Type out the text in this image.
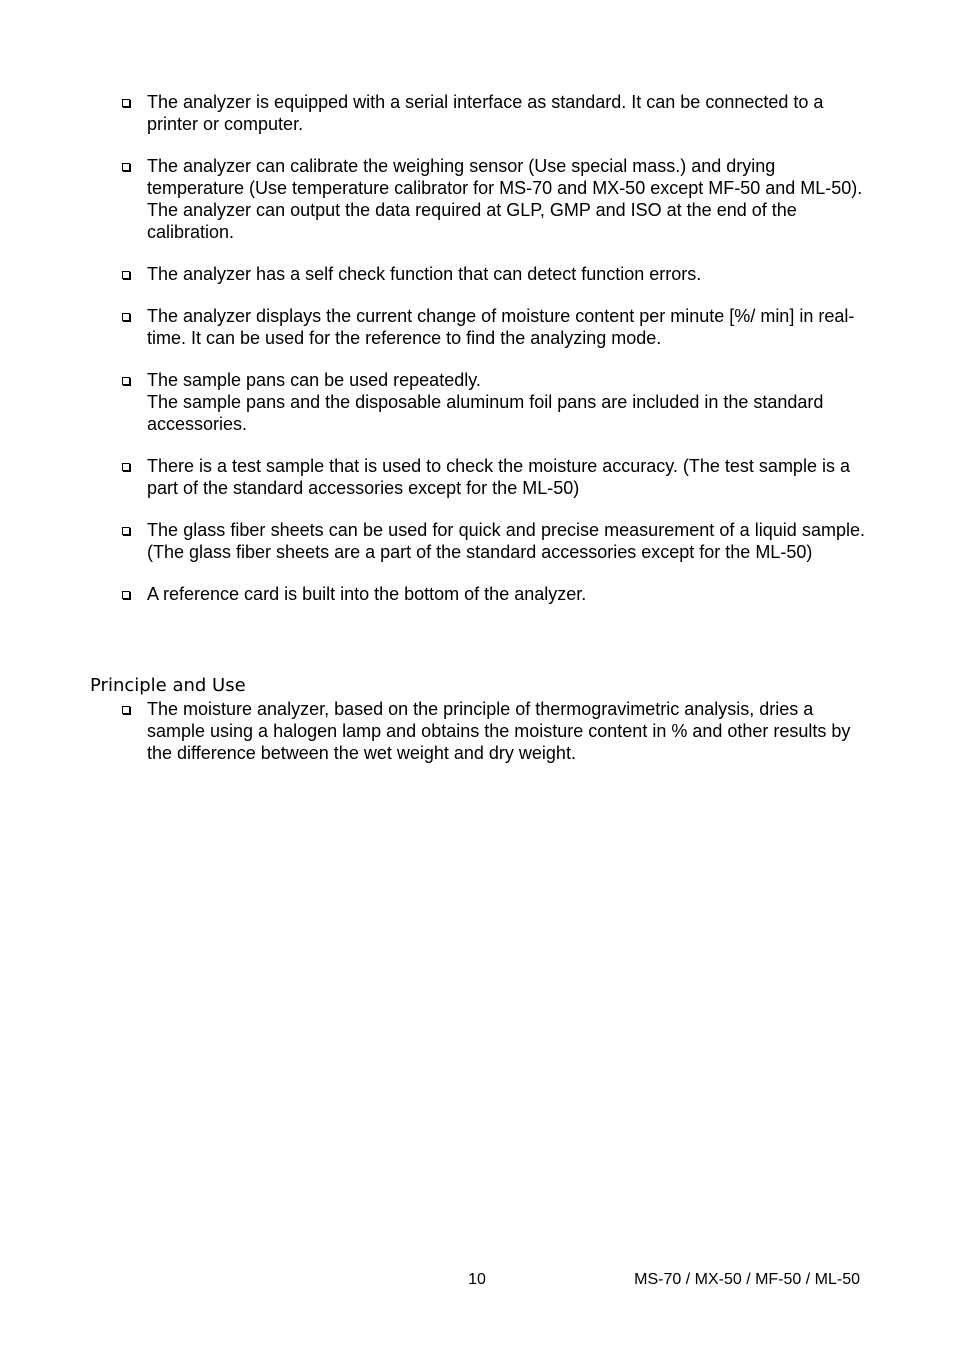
The analyzer is equipped with a serial interface as standard. It can be connected to a printer or computer.
The analyzer can calibrate the weighing sensor (Use special mass.) and drying temperature (Use temperature calibrator for MS-70 and MX-50 except MF-50 and ML-50). The analyzer can output the data required at GLP, GMP and ISO at the end of the calibration.
The analyzer has a self check function that can detect function errors.
The analyzer displays the current change of moisture content per minute [%/ min] in real-time. It can be used for the reference to find the analyzing mode.
The sample pans can be used repeatedly.
The sample pans and the disposable aluminum foil pans are included in the standard accessories.
There is a test sample that is used to check the moisture accuracy. (The test sample is a part of the standard accessories except for the ML-50)
The glass fiber sheets can be used for quick and precise measurement of a liquid sample. (The glass fiber sheets are a part of the standard accessories except for the ML-50)
A reference card is built into the bottom of the analyzer.
Principle and Use
The moisture analyzer, based on the principle of thermogravimetric analysis, dries a sample using a halogen lamp and obtains the moisture content in % and other results by the difference between the wet weight and dry weight.
10	MS-70 / MX-50 / MF-50 / ML-50
